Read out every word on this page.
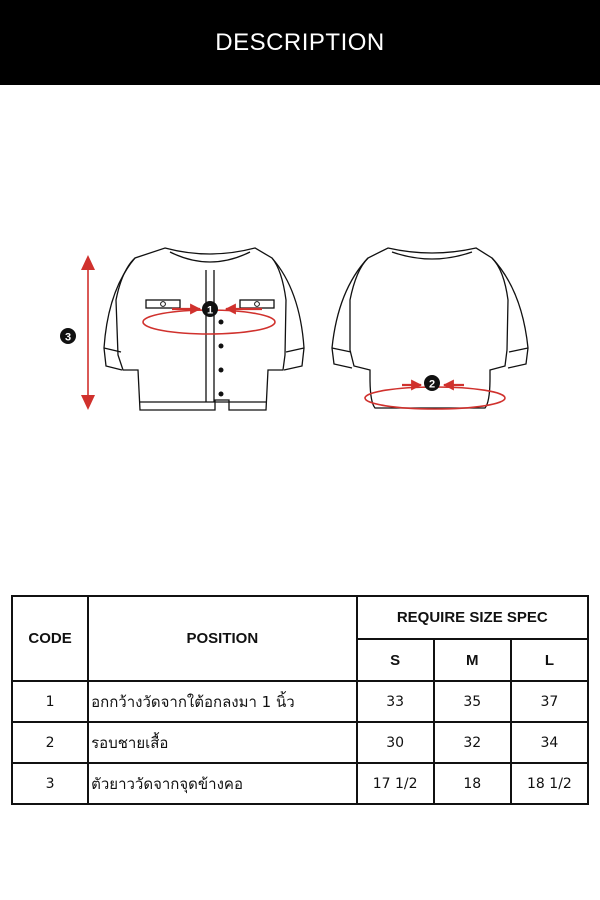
DESCRIPTION
1
3
2
CODE	POSITION	REQUIRE SIZE SPEC		
		S	M	L
1	อกกว้างวัดจากใต้อกลงมา 1 นิ้ว	33	35	37
2	รอบชายเสื้อ	30	32	34
3	ตัวยาววัดจากจุดข้างคอ	17 1/2	18	18 1/2
